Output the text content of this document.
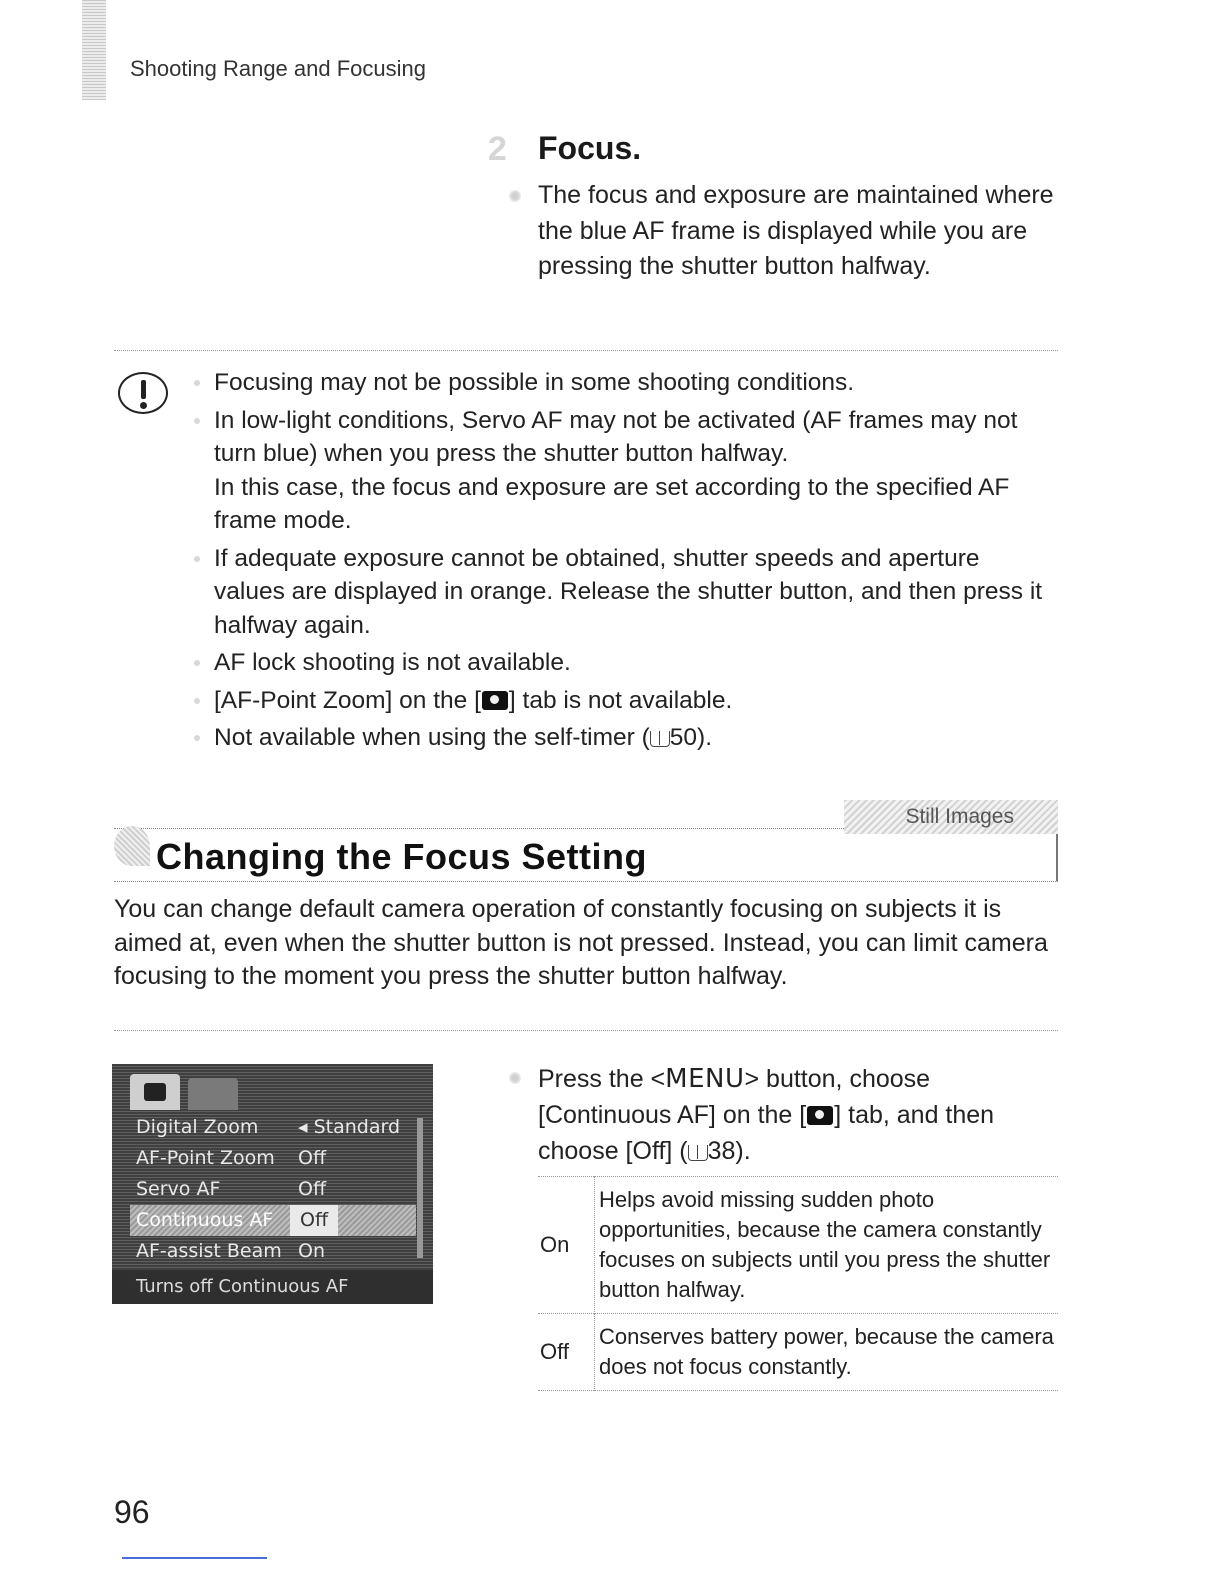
Shooting Range and Focusing
2 Focus.
The focus and exposure are maintained where the blue AF frame is displayed while you are pressing the shutter button halfway.
Focusing may not be possible in some shooting conditions.
In low-light conditions, Servo AF may not be activated (AF frames may not turn blue) when you press the shutter button halfway.
In this case, the focus and exposure are set according to the specified AF frame mode.
If adequate exposure cannot be obtained, shutter speeds and aperture values are displayed in orange. Release the shutter button, and then press it halfway again.
AF lock shooting is not available.
[AF-Point Zoom] on the [ ] tab is not available.
Not available when using the self-timer ( 50).
Still Images
Changing the Focus Setting
You can change default camera operation of constantly focusing on subjects it is aimed at, even when the shutter button is not pressed. Instead, you can limit camera focusing to the moment you press the shutter button halfway.
Digital Zoom ◂ Standard
AF-Point Zoom Off
Servo AF	Off
Continuous AF	Off
AF-assist Beam On
Turns off Continuous AF
Press the <MENU> button, choose [Continuous AF] on the [ ] tab, and then choose [Off] ( 38).
On	Helps avoid missing sudden photo opportunities, because the camera constantly focuses on subjects until you press the shutter button halfway.
Off	Conserves battery power, because the camera does not focus constantly.
96
